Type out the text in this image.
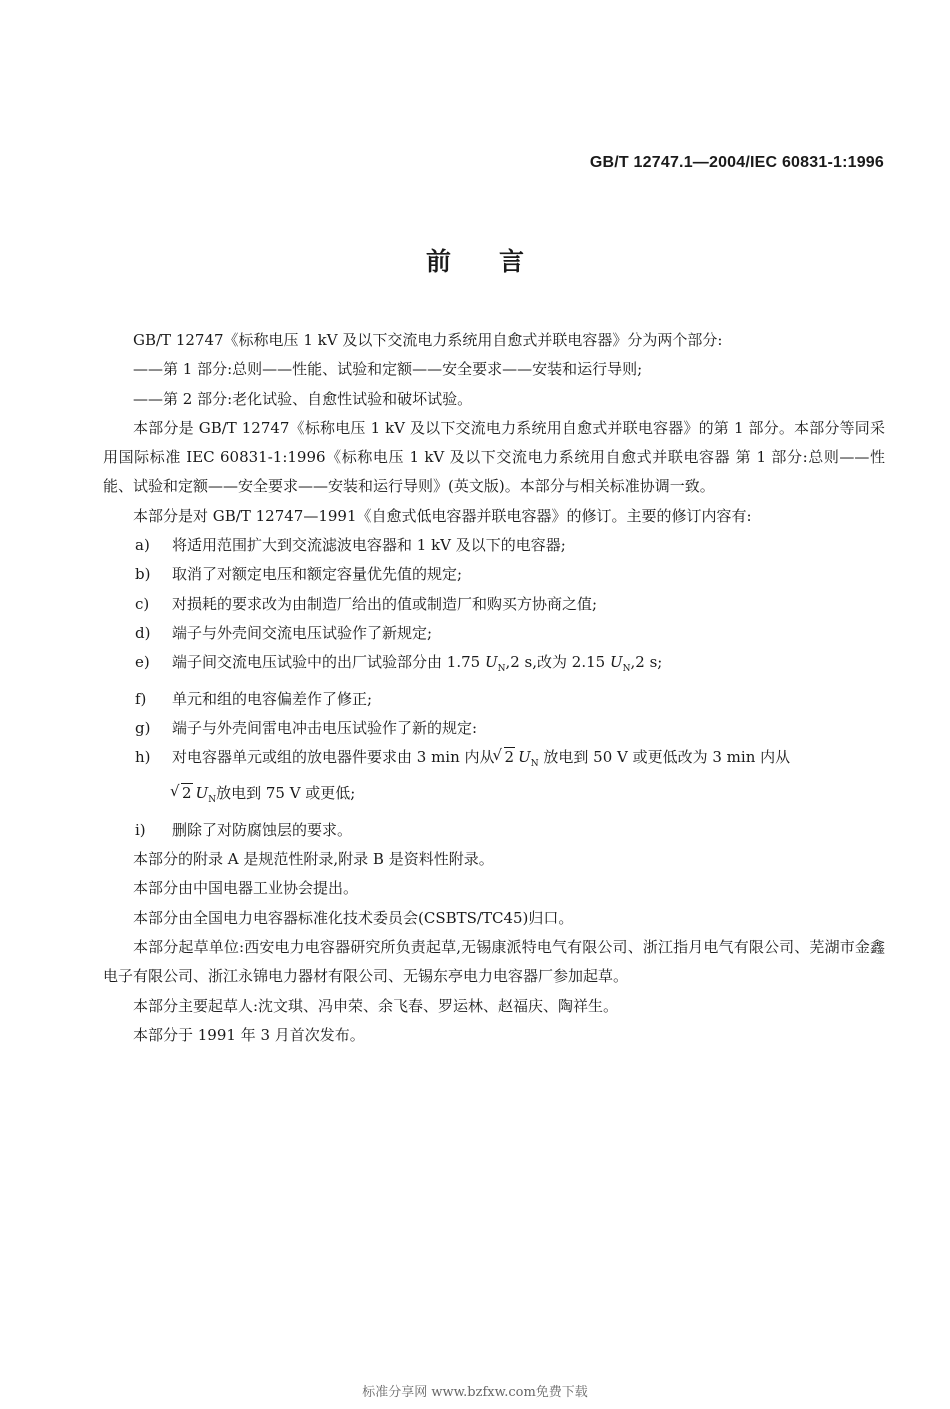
GB/T 12747.1—2004/IEC 60831-1:1996
前言
GB/T 12747《标称电压 1 kV 及以下交流电力系统用自愈式并联电容器》分为两个部分:
——第 1 部分:总则——性能、试验和定额——安全要求——安装和运行导则;
——第 2 部分:老化试验、自愈性试验和破坏试验。
本部分是 GB/T 12747《标称电压 1 kV 及以下交流电力系统用自愈式并联电容器》的第 1 部分。本部分等同采用国际标准 IEC 60831-1:1996《标称电压 1 kV 及以下交流电力系统用自愈式并联电容器 第 1 部分:总则——性能、试验和定额——安全要求——安装和运行导则》(英文版)。本部分与相关标准协调一致。
本部分是对 GB/T 12747—1991《自愈式低电容器并联电容器》的修订。主要的修订内容有:
a) 将适用范围扩大到交流滤波电容器和 1 kV 及以下的电容器;
b) 取消了对额定电压和额定容量优先值的规定;
c) 对损耗的要求改为由制造厂给出的值或制造厂和购买方协商之值;
d) 端子与外壳间交流电压试验作了新规定;
e) 端子间交流电压试验中的出厂试验部分由 1.75 $U_N,2$ s,改为 2.15 $U_N,2$ s;
f) 单元和组的电容偏差作了修正;
g) 端子与外壳间雷电冲击电压试验作了新的规定:
h) 对电容器单元或组的放电器件要求由 3 min 内从√ 2 $U_N$ 放电到 50 V 或更低改为 3 min 内从
√ 2 $U_N$放电到 75 V 或更低;
i) 删除了对防腐蚀层的要求。
本部分的附录 A 是规范性附录,附录 B 是资料性附录。
本部分由中国电器工业协会提出。
本部分由全国电力电容器标准化技术委员会(CSBTS/TC45)归口。
本部分起草单位:西安电力电容器研究所负责起草,无锡康派特电气有限公司、浙江指月电气有限公司、芜湖市金鑫电子有限公司、浙江永锦电力器材有限公司、无锡东亭电力电容器厂参加起草。
本部分主要起草人:沈文琪、冯申荣、余飞春、罗运林、赵福庆、陶祥生。
本部分于 1991 年 3 月首次发布。
标准分享网 www.bzfxw.com免费下载
